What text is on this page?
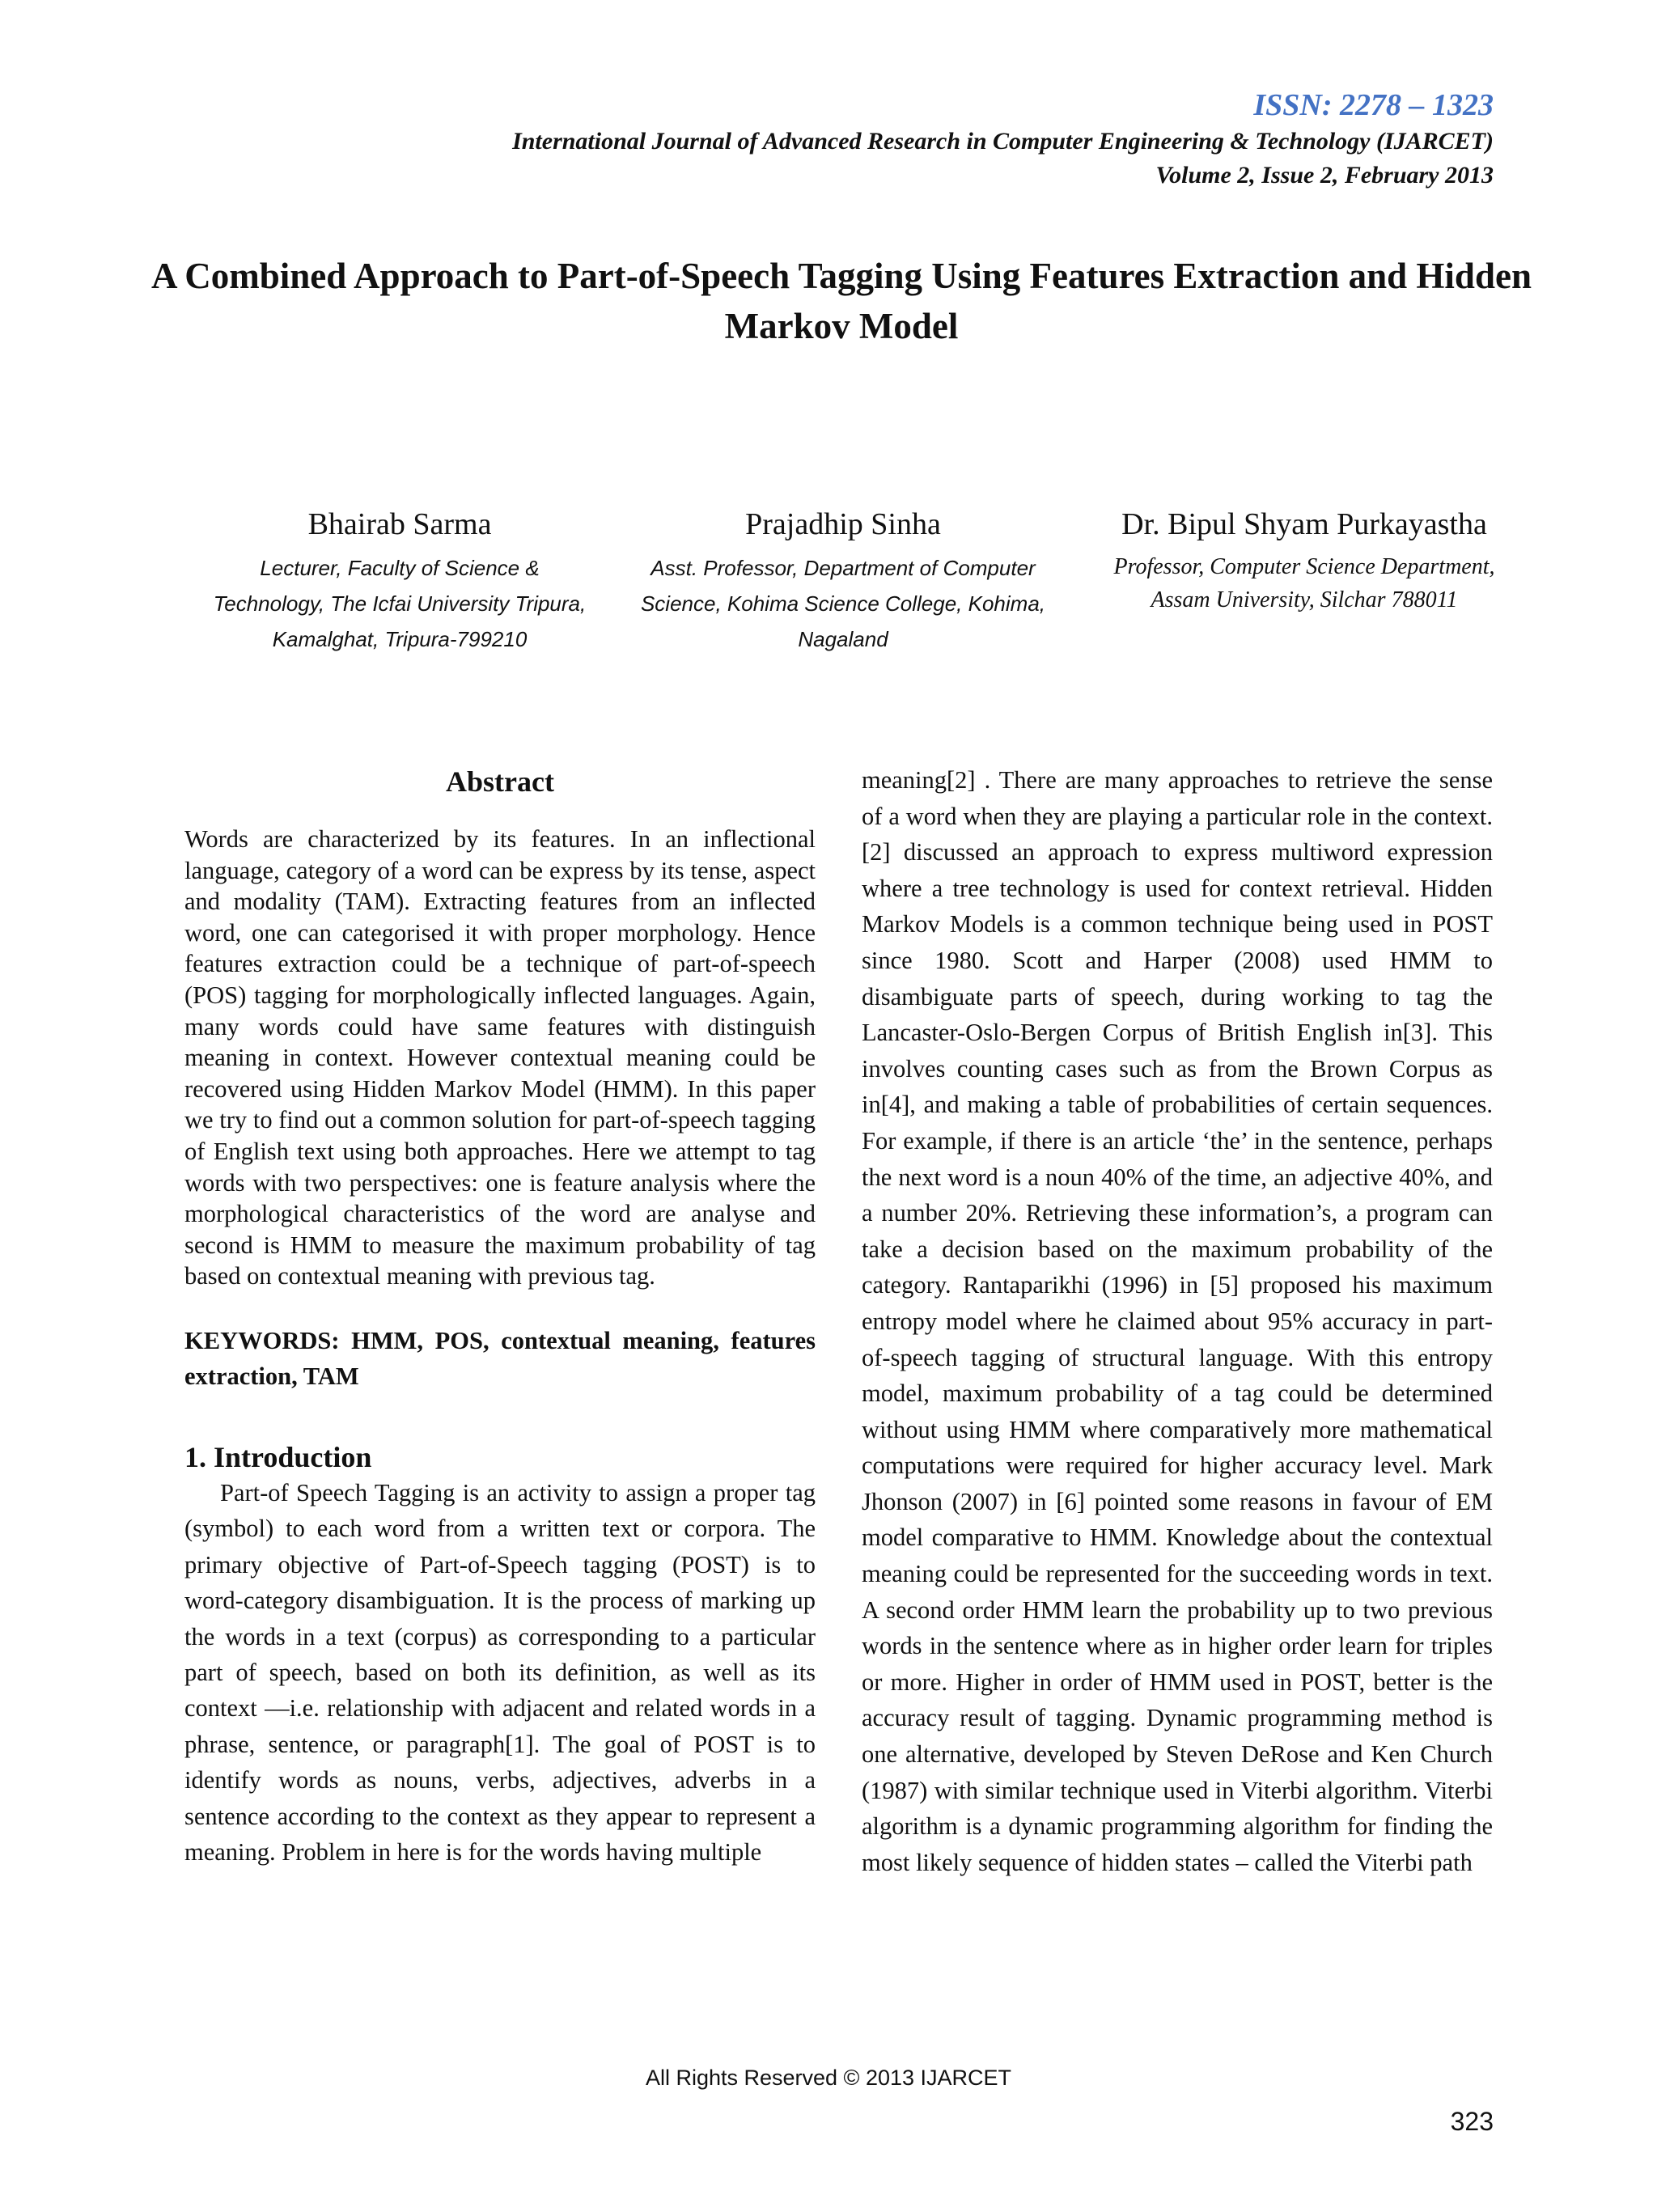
ISSN: 2278 – 1323
International Journal of Advanced Research in Computer Engineering & Technology (IJARCET)
Volume 2, Issue 2, February 2013
A Combined Approach to Part-of-Speech Tagging Using Features Extraction and Hidden Markov Model
Bhairab Sarma
Lecturer, Faculty of Science &
Technology, The Icfai University Tripura,
Kamalghat, Tripura-799210
Prajadhip Sinha
Asst. Professor, Department of Computer
Science, Kohima Science College, Kohima,
Nagaland
Dr. Bipul Shyam Purkayastha
Professor, Computer Science Department,
Assam University, Silchar 788011
Abstract

Words are characterized by its features. In an inflectional language, category of a word can be express by its tense, aspect and modality (TAM). Extracting features from an inflected word, one can categorised it with proper morphology. Hence features extraction could be a technique of part-of-speech (POS) tagging for morphologically inflected languages. Again, many words could have same features with distinguish meaning in context. However contextual meaning could be recovered using Hidden Markov Model (HMM). In this paper we try to find out a common solution for part-of-speech tagging of English text using both approaches. Here we attempt to tag words with two perspectives: one is feature analysis where the morphological characteristics of the word are analyse and second is HMM to measure the maximum probability of tag based on contextual meaning with previous tag.

KEYWORDS: HMM, POS, contextual meaning, features extraction, TAM

1. Introduction

Part-of Speech Tagging is an activity to assign a proper tag (symbol) to each word from a written text or corpora. The primary objective of Part-of-Speech tagging (POST) is to word-category disambiguation. It is the process of marking up the words in a text (corpus) as corresponding to a particular part of speech, based on both its definition, as well as its context —i.e. relationship with adjacent and related words in a phrase, sentence, or paragraph[1]. The goal of POST is to identify words as nouns, verbs, adjectives, adverbs in a sentence according to the context as they appear to represent a meaning. Problem in here is for the words having multiple

meaning[2] . There are many approaches to retrieve the sense of a word when they are playing a particular role in the context. [2] discussed an approach to express multiword expression where a tree technology is used for context retrieval. Hidden Markov Models is a common technique being used in POST since 1980. Scott and Harper (2008) used HMM to disambiguate parts of speech, during working to tag the Lancaster-Oslo-Bergen Corpus of British English in[3]. This involves counting cases such as from the Brown Corpus as in[4], and making a table of probabilities of certain sequences. For example, if there is an article ‘the’ in the sentence, perhaps the next word is a noun 40% of the time, an adjective 40%, and a number 20%. Retrieving these information’s, a program can take a decision based on the maximum probability of the category. Rantaparikhi (1996) in [5] proposed his maximum entropy model where he claimed about 95% accuracy in part-of-speech tagging of structural language. With this entropy model, maximum probability of a tag could be determined without using HMM where comparatively more mathematical computations were required for higher accuracy level. Mark Jhonson (2007) in [6] pointed some reasons in favour of EM model comparative to HMM. Knowledge about the contextual meaning could be represented for the succeeding words in text. A second order HMM learn the probability up to two previous words in the sentence where as in higher order learn for triples or more. Higher in order of HMM used in POST, better is the accuracy result of tagging. Dynamic programming method is one alternative, developed by Steven DeRose and Ken Church (1987) with similar technique used in Viterbi algorithm. Viterbi algorithm is a dynamic programming algorithm for finding the most likely sequence of hidden states – called the Viterbi path

All Rights Reserved © 2013 IJARCET
323
